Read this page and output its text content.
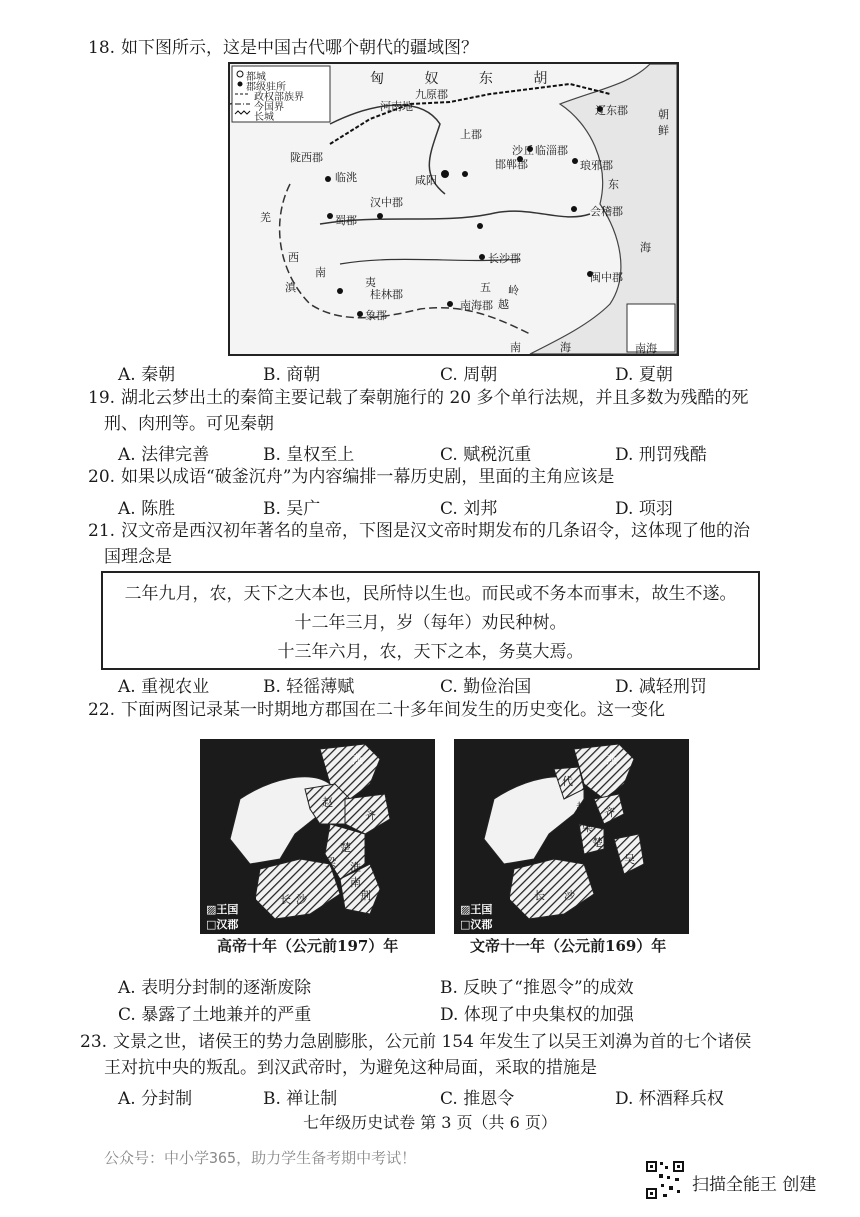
18. 如下图所示，这是中国古代哪个朝代的疆域图？
都城
郡级驻所
政权部族界
今国界
长城
匈 奴 东 胡
九原郡
河南地
上郡
陇西郡
临洮	咸阳
汉中郡
蜀郡
邯郸郡
沙丘 临淄郡
琅邪郡
辽东郡
会稽郡
长沙郡
桂林郡
象郡
南海郡
闽中郡
羌
西
南
夷
滇	五 岭
越
朝
鲜
东
海
南海
南	海
A. 秦朝	B. 商朝	C. 周朝	D. 夏朝
19. 湖北云梦出土的秦简主要记载了秦朝施行的 20 多个单行法规，并且多数为残酷的死
刑、肉刑等。可见秦朝
A. 法律完善	B. 皇权至上	C. 赋税沉重	D. 刑罚残酷
20. 如果以成语“破釜沉舟”为内容编排一幕历史剧，里面的主角应该是
A. 陈胜	B. 吴广	C. 刘邦	D. 项羽
21. 汉文帝是西汉初年著名的皇帝，下图是汉文帝时期发布的几条诏令，这体现了他的治
国理念是
二年九月，农，天下之大本也，民所恃以生也。而民或不务本而事末，故生不遂。
十二年三月，岁（每年）劝民种树。
十三年六月，农，天下之本，务莫大焉。
A. 重视农业	B. 轻徭薄赋	C. 勤俭治国	D. 减轻刑罚
22. 下面两图记录某一时期地方郡国在二十多年间发生的历史变化。这一变化
燕
赵
齐
楚
梁 淮
南
荆
长 沙
▨王国
□汉郡
高帝十年（公元前197）年
燕
代
赵 齐
楚
梁
吴
长 沙
▨王国
□汉郡
文帝十一年（公元前169）年
A. 表明分封制的逐渐废除	B. 反映了“推恩令”的成效
C. 暴露了土地兼并的严重	D. 体现了中央集权的加强
23. 文景之世，诸侯王的势力急剧膨胀，公元前 154 年发生了以吴王刘濞为首的七个诸侯
王对抗中央的叛乱。到汉武帝时，为避免这种局面，采取的措施是
A. 分封制	B. 禅让制	C. 推恩令	D. 杯酒释兵权
七年级历史试卷 第 3 页（共 6 页）
公众号：中小学365，助力学生备考期中考试！
扫描全能王 创建
